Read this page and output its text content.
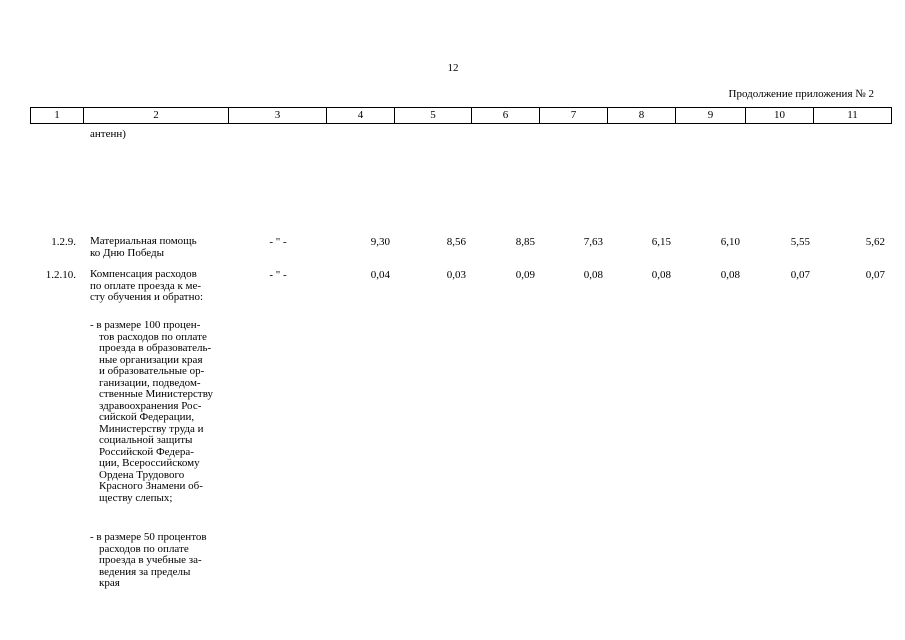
12
Продолжение приложения № 2
1	2	3	4	5	6	7	8	9	10	11
антенн)
1.2.9. Материальная помощь
ко Дню Победы
- " -	9,30	8,56	8,85	7,63	6,15	6,10	5,55	5,62
1.2.10. Компенсация расходов
по оплате проезда к ме-
сту обучения и обратно:
- " -	0,04	0,03	0,09	0,08	0,08	0,08	0,07	0,07
- в размере 100 процен-
тов расходов по оплате
проезда в образователь-
ные организации края
и образовательные ор-
ганизации, подведом-
ственные Министерству
здравоохранения Рос-
сийской Федерации,
Министерству труда и
социальной защиты
Российской Федера-
ции, Всероссийскому
Ордена Трудового
Красного Знамени об-
ществу слепых;
- в размере 50 процентов
расходов по оплате
проезда в учебные за-
ведения за пределы
края
